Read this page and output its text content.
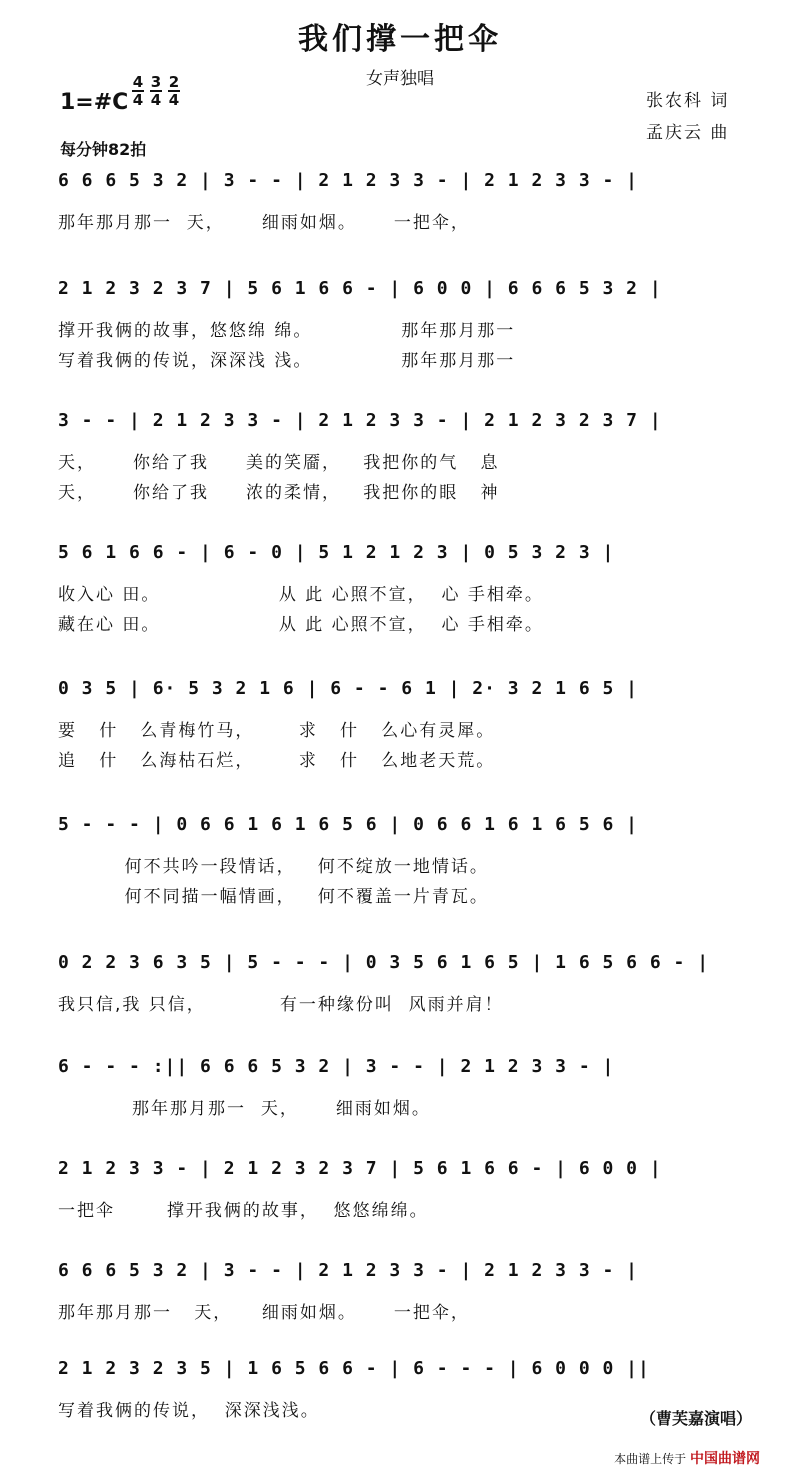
我们撑一把伞
女声独唱
1=#C $\frac{4}{4} \frac{3}{4} \frac{2}{4}$
每分钟82拍
张农科 词
孟庆云 曲
6 6 6 5 3 2 | 3 - - | 2 1 2 3 3 - | 2 1 2 3 3 - |
那年那月那一  天，     细雨如烟。     一把伞，
2 1 2 3 2 3 7 | 5 6 1 6 6 - | 6 0 0 | 6 6 6 5 3 2 |
撑开我俩的故事，悠悠绵 绵。            那年那月那一
写着我俩的传说，深深浅 浅。            那年那月那一
3 - - | 2 1 2 3 3 - | 2 1 2 3 3 - | 2 1 2 3 2 3 7 |
天，     你给了我     美的笑靥，   我把你的气   息
天，     你给了我     浓的柔情，   我把你的眼   神
5 6 1 6 6 - | 6 - 0 | 5 1 2 1 2 3 | 0 5 3 2 3 |
收入心 田。                从 此 心照不宣，  心 手相牵。
藏在心 田。                从 此 心照不宣，  心 手相牵。
0 3 5 | 6· 5 3 2 1 6 | 6 - - 6 1 | 2· 3 2 1 6 5 |
要   什   么青梅竹马，      求   什   么心有灵犀。
追   什   么海枯石烂，      求   什   么地老天荒。
5 - - - | 0 6 6 1 6 1 6 5 6 | 0 6 6 1 6 1 6 5 6 |
何不共吟一段情话，   何不绽放一地情话。
何不同描一幅情画，   何不覆盖一片青瓦。
0 2 2 3 6 3 5 | 5 - - - | 0 3 5 6 1 6 5 | 1 6 5 6 6 - |
我只信,我 只信，          有一种缘份叫  风雨并肩！
6 - - - :|| 6 6 6 5 3 2 | 3 - - | 2 1 2 3 3 - |
那年那月那一  天，     细雨如烟。
2 1 2 3 3 - | 2 1 2 3 2 3 7 | 5 6 1 6 6 - | 6 0 0 |
一把伞       撑开我俩的故事，  悠悠绵绵。
6 6 6 5 3 2 | 3 - - | 2 1 2 3 3 - | 2 1 2 3 3 - |
那年那月那一   天，    细雨如烟。     一把伞，
2 1 2 3 2 3 5 | 1 6 5 6 6 - | 6 - - - | 6 0 0 0 ||
写着我俩的传说，  深深浅浅。	（曹芙嘉演唱）
本曲谱上传于 中国曲谱网
